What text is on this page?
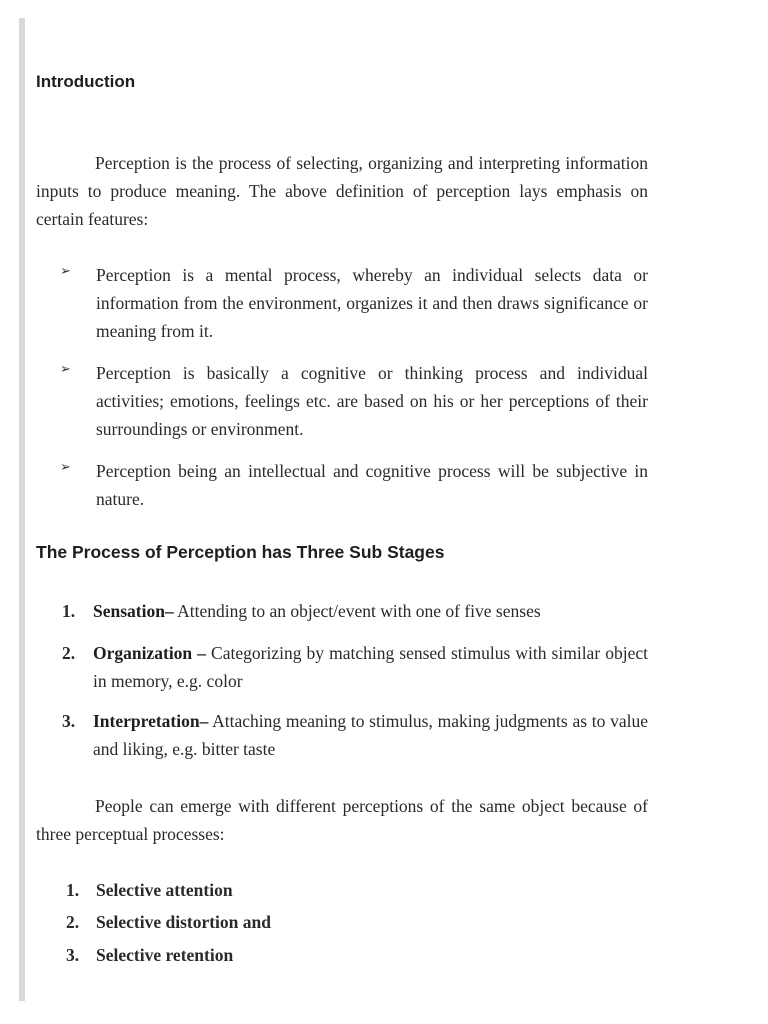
Introduction

Perception is the process of selecting, organizing and interpreting information inputs to produce meaning. The above definition of perception lays emphasis on certain features:

➢ Perception is a mental process, whereby an individual selects data or information from the environment, organizes it and then draws significance or meaning from it.
➢ Perception is basically a cognitive or thinking process and individual activities; emotions, feelings etc. are based on his or her perceptions of their surroundings or environment.
➢ Perception being an intellectual and cognitive process will be subjective in nature.
The Process of Perception has Three Sub Stages
1. Sensation– Attending to an object/event with one of five senses
2. Organization – Categorizing by matching sensed stimulus with similar object in memory, e.g. color
3. Interpretation– Attaching meaning to stimulus, making judgments as to value and liking, e.g. bitter taste

People can emerge with different perceptions of the same object because of three perceptual processes:

1. Selective attention
2. Selective distortion and
3. Selective retention
